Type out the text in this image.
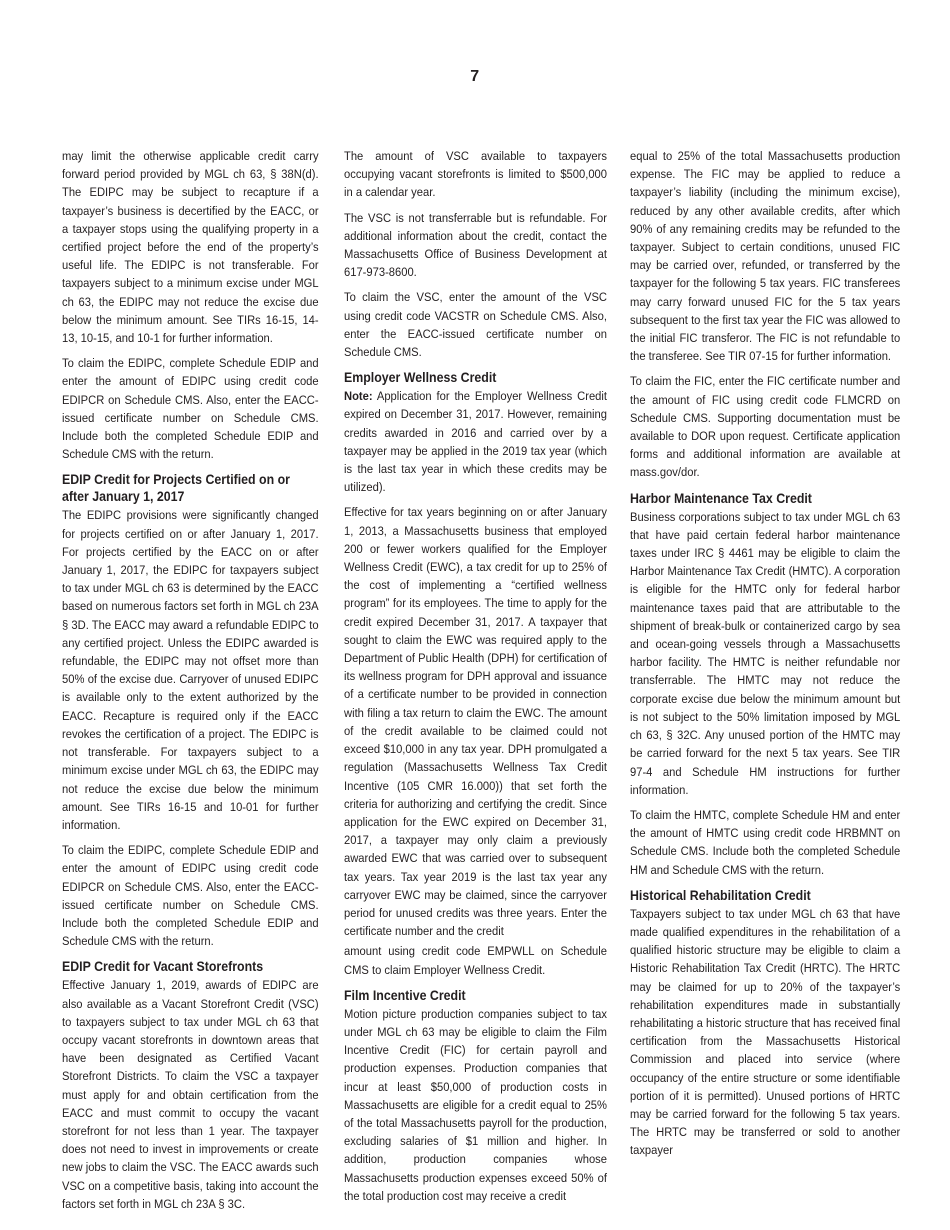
7

may limit the otherwise applicable credit carry forward period provided by MGL ch 63, § 38N(d). The EDIPC may be subject to recapture if a taxpayer’s business is decertified by the EACC, or a taxpayer stops using the qualifying property in a certified project before the end of the property’s useful life. The EDIPC is not transferable. For taxpayers subject to a minimum excise under MGL ch 63, the EDIPC may not reduce the excise due below the minimum amount. See TIRs 16-15, 14-13, 10-15, and 10-1 for further information.

To claim the EDIPC, complete Schedule EDIP and enter the amount of EDIPC using credit code EDIPCR on Schedule CMS. Also, enter the EACC-issued certificate number on Schedule CMS. Include both the completed Schedule EDIP and Schedule CMS with the return.

EDIP Credit for Projects Certified on or after January 1, 2017

The EDIPC provisions were significantly changed for projects certified on or after January 1, 2017. For projects certified by the EACC on or after January 1, 2017, the EDIPC for taxpayers subject to tax under MGL ch 63 is determined by the EACC based on numerous factors set forth in MGL ch 23A § 3D. The EACC may award a refundable EDIPC to any certified project. Unless the EDIPC awarded is refundable, the EDIPC may not offset more than 50% of the excise due. Carryover of unused EDIPC is available only to the extent authorized by the EACC. Recapture is required only if the EACC revokes the certification of a project. The EDIPC is not transferable. For taxpayers subject to a minimum excise under MGL ch 63, the EDIPC may not reduce the excise due below the minimum amount. See TIRs 16-15 and 10-01 for further information.

To claim the EDIPC, complete Schedule EDIP and enter the amount of EDIPC using credit code EDIPCR on Schedule CMS. Also, enter the EACC-issued certificate number on Schedule CMS. Include both the completed Schedule EDIP and Schedule CMS with the return.

EDIP Credit for Vacant Storefronts

Effective January 1, 2019, awards of EDIPC are also available as a Vacant Storefront Credit (VSC) to taxpayers subject to tax under MGL ch 63 that occupy vacant storefronts in downtown areas that have been designated as Certified Vacant Storefront Districts. To claim the VSC a taxpayer must apply for and obtain certification from the EACC and must commit to occupy the vacant storefront for not less than 1 year. The taxpayer does not need to invest in improvements or create new jobs to claim the VSC. The EACC awards such VSC on a competitive basis, taking into account the factors set forth in MGL ch 23A § 3C.

The amount of VSC available to taxpayers occupying vacant storefronts is limited to $500,000 in a calendar year.

The VSC is not transferrable but is refundable. For additional information about the credit, contact the Massachusetts Office of Business Development at 617-973-8600.

To claim the VSC, enter the amount of the VSC using credit code VACSTR on Schedule CMS. Also, enter the EACC-issued certificate number on Schedule CMS.

Employer Wellness Credit

Note: Application for the Employer Wellness Credit expired on December 31, 2017. However, remaining credits awarded in 2016 and carried over by a taxpayer may be applied in the 2019 tax year (which is the last tax year in which these credits may be utilized).

Effective for tax years beginning on or after January 1, 2013, a Massachusetts business that employed 200 or fewer workers qualified for the Employer Wellness Credit (EWC), a tax credit for up to 25% of the cost of implementing a “certified wellness program” for its employees. The time to apply for the credit expired December 31, 2017. A taxpayer that sought to claim the EWC was required apply to the Department of Public Health (DPH) for certification of its wellness program for DPH approval and issuance of a certificate number to be provided in connection with filing a tax return to claim the EWC. The amount of the credit available to be claimed could not exceed $10,000 in any tax year. DPH promulgated a regulation (Massachusetts Wellness Tax Credit Incentive (105 CMR 16.000)) that set forth the criteria for authorizing and certifying the credit. Since application for the EWC expired on December 31, 2017, a taxpayer may only claim a previously awarded EWC that was carried over to subsequent tax years. Tax year 2019 is the last tax year any carryover EWC may be claimed, since the carryover period for unused credits was three years. Enter the certificate number and the credit

amount using credit code EMPWLL on Schedule CMS to claim Employer Wellness Credit.

Film Incentive Credit

Motion picture production companies subject to tax under MGL ch 63 may be eligible to claim the Film Incentive Credit (FIC) for certain payroll and production expenses. Production companies that incur at least $50,000 of production costs in Massachusetts are eligible for a credit equal to 25% of the total Massachusetts payroll for the production, excluding salaries of $1 million and higher. In addition, production companies whose Massachusetts production expenses exceed 50% of the total production cost may receive a credit

equal to 25% of the total Massachusetts production expense. The FIC may be applied to reduce a taxpayer’s liability (including the minimum excise), reduced by any other available credits, after which 90% of any remaining credits may be refunded to the taxpayer. Subject to certain conditions, unused FIC may be carried over, refunded, or transferred by the taxpayer for the following 5 tax years. FIC transferees may carry forward unused FIC for the 5 tax years subsequent to the first tax year the FIC was allowed to the initial FIC transferor. The FIC is not refundable to the transferee. See TIR 07-15 for further information.

To claim the FIC, enter the FIC certificate number and the amount of FIC using credit code FLMCRD on Schedule CMS. Supporting documentation must be available to DOR upon request. Certificate application forms and additional information are available at mass.gov/dor.

Harbor Maintenance Tax Credit

Business corporations subject to tax under MGL ch 63 that have paid certain federal harbor maintenance taxes under IRC § 4461 may be eligible to claim the Harbor Maintenance Tax Credit (HMTC). A corporation is eligible for the HMTC only for federal harbor maintenance taxes paid that are attributable to the shipment of break-bulk or containerized cargo by sea and ocean-going vessels through a Massachusetts harbor facility. The HMTC is neither refundable nor transferrable. The HMTC may not reduce the corporate excise due below the minimum amount but is not subject to the 50% limitation imposed by MGL ch 63, § 32C. Any unused portion of the HMTC may be carried forward for the next 5 tax years. See TIR 97-4 and Schedule HM instructions for further information.

To claim the HMTC, complete Schedule HM and enter the amount of HMTC using credit code HRBMNT on Schedule CMS. Include both the completed Schedule HM and Schedule CMS with the return.

Historical Rehabilitation Credit

Taxpayers subject to tax under MGL ch 63 that have made qualified expenditures in the rehabilitation of a qualified historic structure may be eligible to claim a Historic Rehabilitation Tax Credit (HRTC). The HRTC may be claimed for up to 20% of the taxpayer’s rehabilitation expenditures made in substantially rehabilitating a historic structure that has received final certification from the Massachusetts Historical Commission and placed into service (where occupancy of the entire structure or some identifiable portion of it is permitted). Unused portions of HRTC may be carried forward for the following 5 tax years. The HRTC may be transferred or sold to another taxpayer
